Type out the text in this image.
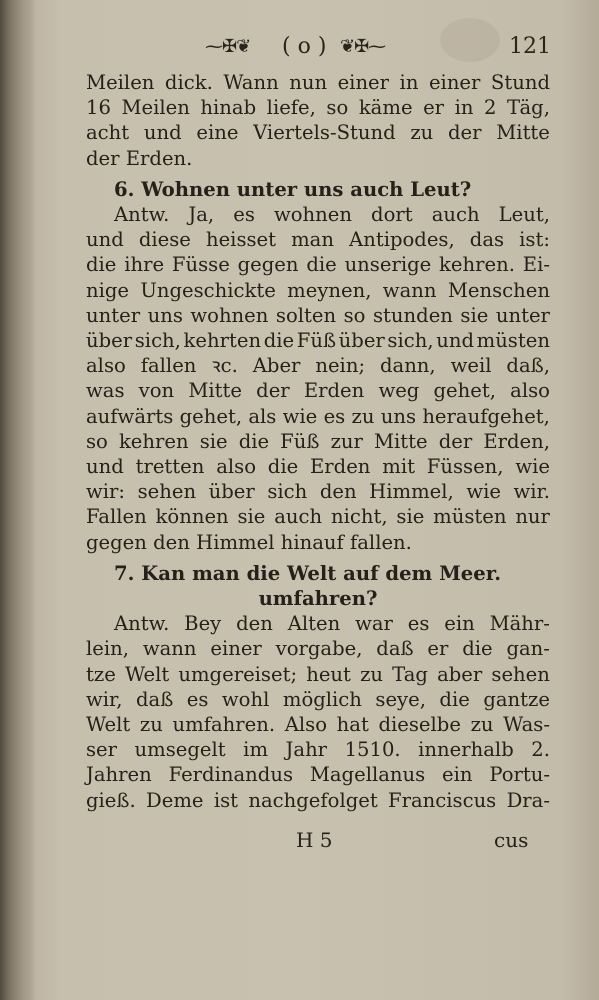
⁓✠❦ ( o ) ❦✠⁓	121
Meilen dick. Wann nun einer in einer Stund
16 Meilen hinab liefe, so käme er in 2 Täg,
acht und eine Viertels-Stund zu der Mitte
der Erden.
6. Wohnen unter uns auch Leut?
Antw. Ja, es wohnen dort auch Leut,
und diese heisset man Antipodes, das ist:
die ihre Füsse gegen die unserige kehren. Ei-
nige Ungeschickte meynen, wann Menschen
unter uns wohnen solten so stunden sie unter
über sich, kehrten die Füß über sich, und müsten
also fallen ꝛc. Aber nein; dann, weil daß,
was von Mitte der Erden weg gehet, also
aufwärts gehet, als wie es zu uns heraufgehet,
so kehren sie die Füß zur Mitte der Erden,
und tretten also die Erden mit Füssen, wie
wir: sehen über sich den Himmel, wie wir.
Fallen können sie auch nicht, sie müsten nur
gegen den Himmel hinauf fallen.
7. Kan man die Welt auf dem Meer.
umfahren?
Antw. Bey den Alten war es ein Mähr-
lein, wann einer vorgabe, daß er die gan-
tze Welt umgereiset; heut zu Tag aber sehen
wir, daß es wohl möglich seye, die gantze
Welt zu umfahren. Also hat dieselbe zu Was-
ser umsegelt im Jahr 1510. innerhalb 2.
Jahren Ferdinandus Magellanus ein Portu-
gieß. Deme ist nachgefolget Franciscus Dra-
H 5	cus
